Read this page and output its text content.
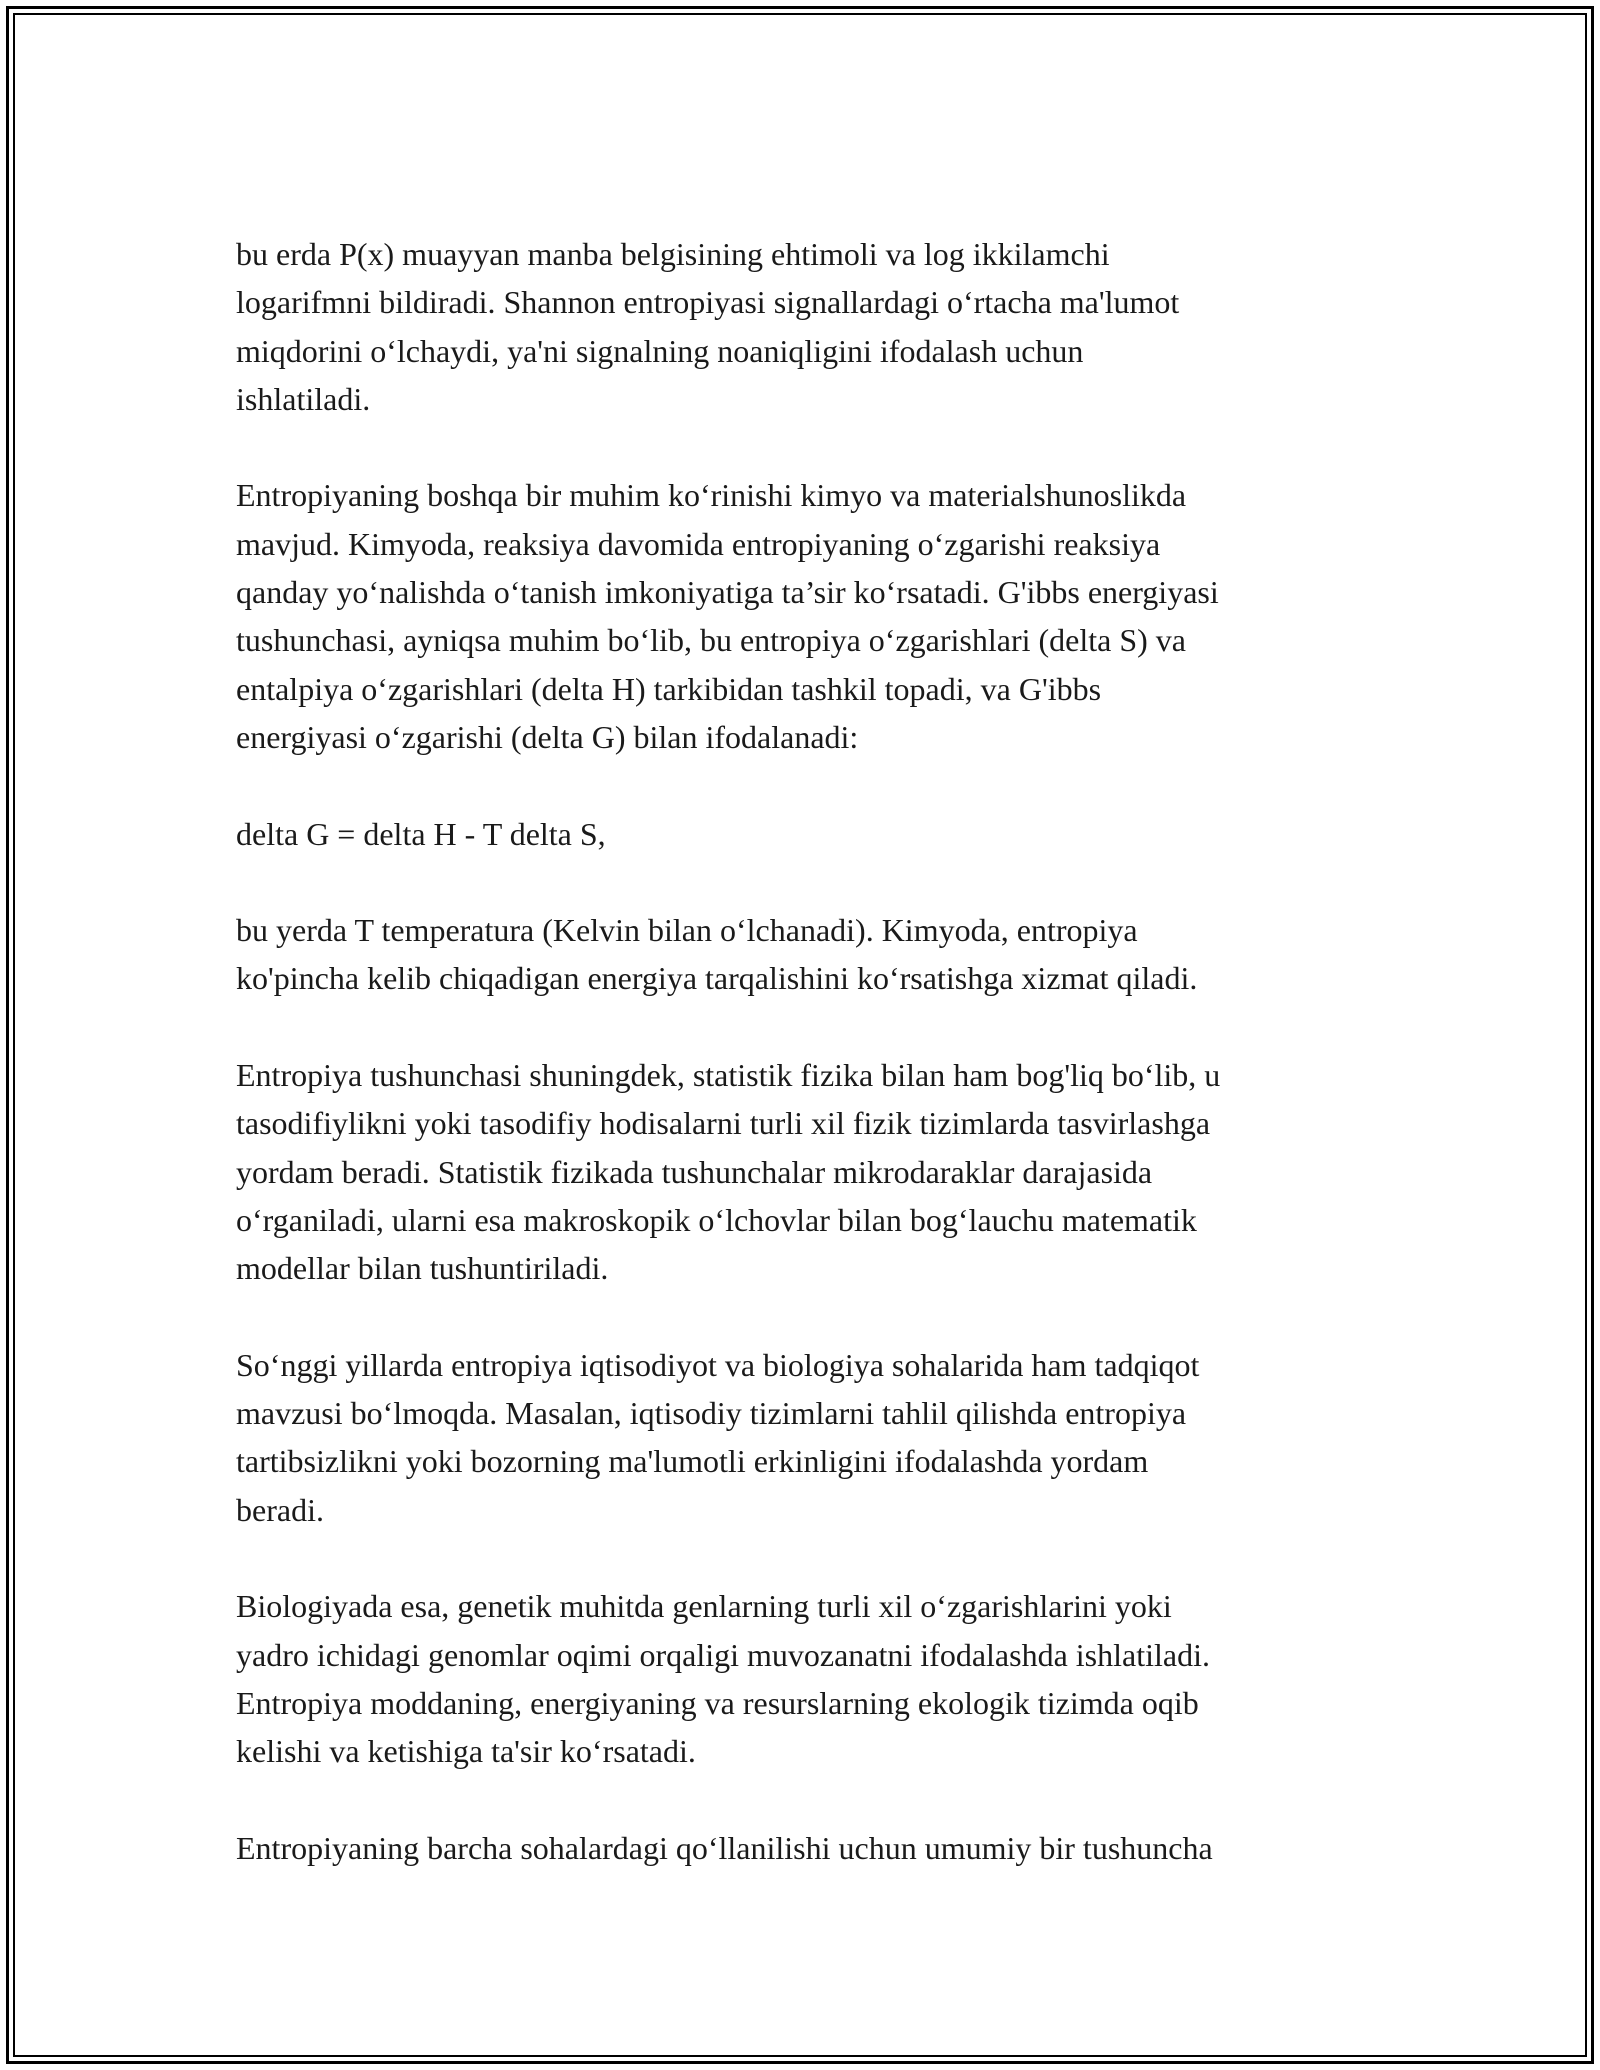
bu erda P(x) muayyan manba belgisining ehtimoli va log ikkilamchi
logarifmni bildiradi. Shannon entropiyasi signallardagi o‘rtacha ma'lumot
miqdorini o‘lchaydi, ya'ni signalning noaniqligini ifodalash uchun
ishlatiladi.
Entropiyaning boshqa bir muhim ko‘rinishi kimyo va materialshunoslikda
mavjud. Kimyoda, reaksiya davomida entropiyaning o‘zgarishi reaksiya
qanday yo‘nalishda o‘tanish imkoniyatiga ta’sir ko‘rsatadi. G'ibbs energiyasi
tushunchasi, ayniqsa muhim bo‘lib, bu entropiya o‘zgarishlari (delta S) va
entalpiya o‘zgarishlari (delta H) tarkibidan tashkil topadi, va G'ibbs
energiyasi o‘zgarishi (delta G) bilan ifodalanadi:
delta G = delta H - T delta S,
bu yerda T temperatura (Kelvin bilan o‘lchanadi). Kimyoda, entropiya
ko'pincha kelib chiqadigan energiya tarqalishini ko‘rsatishga xizmat qiladi.
Entropiya tushunchasi shuningdek, statistik fizika bilan ham bog'liq bo‘lib, u
tasodifiylikni yoki tasodifiy hodisalarni turli xil fizik tizimlarda tasvirlashga
yordam beradi. Statistik fizikada tushunchalar mikrodaraklar darajasida
o‘rganiladi, ularni esa makroskopik o‘lchovlar bilan bog‘lauchu matematik
modellar bilan tushuntiriladi.
So‘nggi yillarda entropiya iqtisodiyot va biologiya sohalarida ham tadqiqot
mavzusi bo‘lmoqda. Masalan, iqtisodiy tizimlarni tahlil qilishda entropiya
tartibsizlikni yoki bozorning ma'lumotli erkinligini ifodalashda yordam
beradi.
Biologiyada esa, genetik muhitda genlarning turli xil o‘zgarishlarini yoki
yadro ichidagi genomlar oqimi orqaligi muvozanatni ifodalashda ishlatiladi.
Entropiya moddaning, energiyaning va resurslarning ekologik tizimda oqib
kelishi va ketishiga ta'sir ko‘rsatadi.
Entropiyaning barcha sohalardagi qo‘llanilishi uchun umumiy bir tushuncha
